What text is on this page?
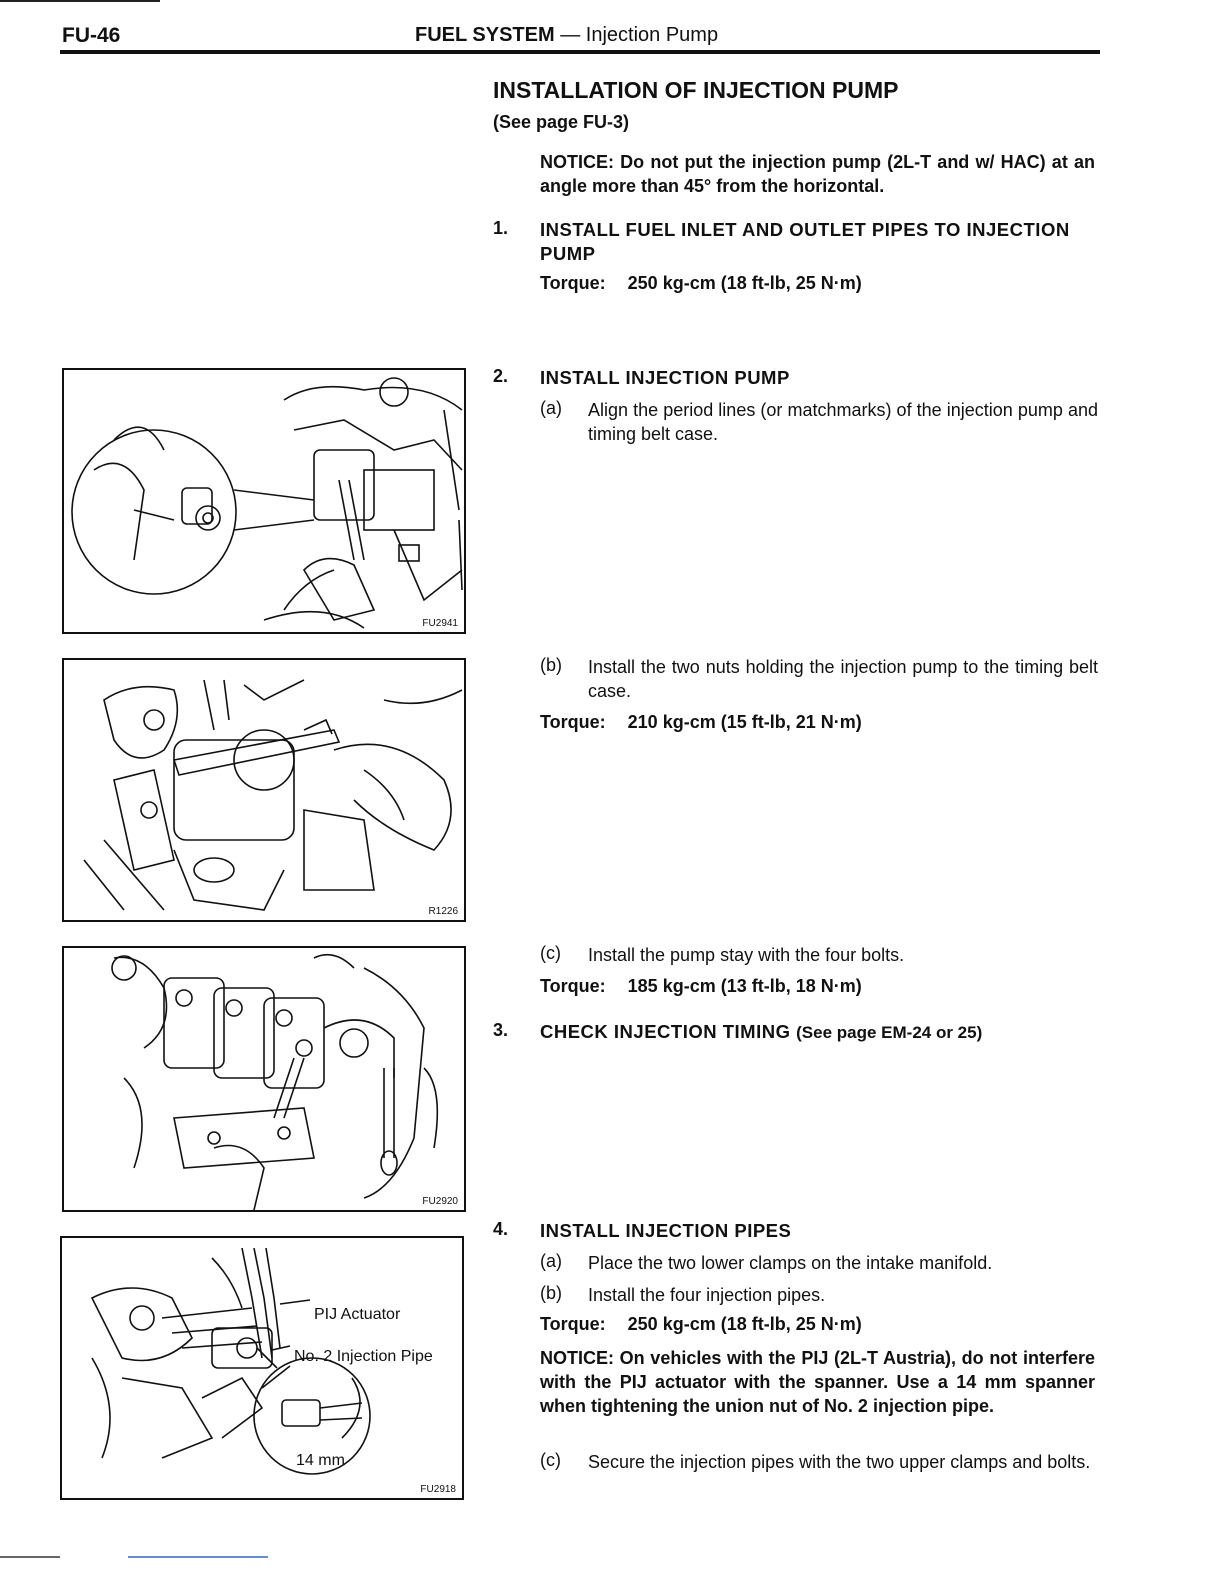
FU-46	FUEL SYSTEM — Injection Pump
INSTALLATION OF INJECTION PUMP
(See page FU-3)
NOTICE: Do not put the injection pump (2L-T and w/ HAC) at an angle more than 45° from the horizontal.
1. INSTALL FUEL INLET AND OUTLET PIPES TO INJECTION PUMP
Torque: 250 kg-cm (18 ft-lb, 25 N·m)
2. INSTALL INJECTION PUMP
(a) Align the period lines (or matchmarks) of the injection pump and timing belt case.
(b) Install the two nuts holding the injection pump to the timing belt case.
Torque: 210 kg-cm (15 ft-lb, 21 N·m)
(c) Install the pump stay with the four bolts.
Torque: 185 kg-cm (13 ft-lb, 18 N·m)
3. CHECK INJECTION TIMING (See page EM-24 or 25)
4. INSTALL INJECTION PIPES
(a) Place the two lower clamps on the intake manifold.
(b) Install the four injection pipes.
Torque: 250 kg-cm (18 ft-lb, 25 N·m)
NOTICE: On vehicles with the PIJ (2L-T Austria), do not interfere with the PIJ actuator with the spanner. Use a 14 mm spanner when tightening the union nut of No. 2 injection pipe.
(c) Secure the injection pipes with the two upper clamps and bolts.
FU2941
R1226
FU2920
PIJ Actuator
No. 2 Injection Pipe
14 mm
FU2918
